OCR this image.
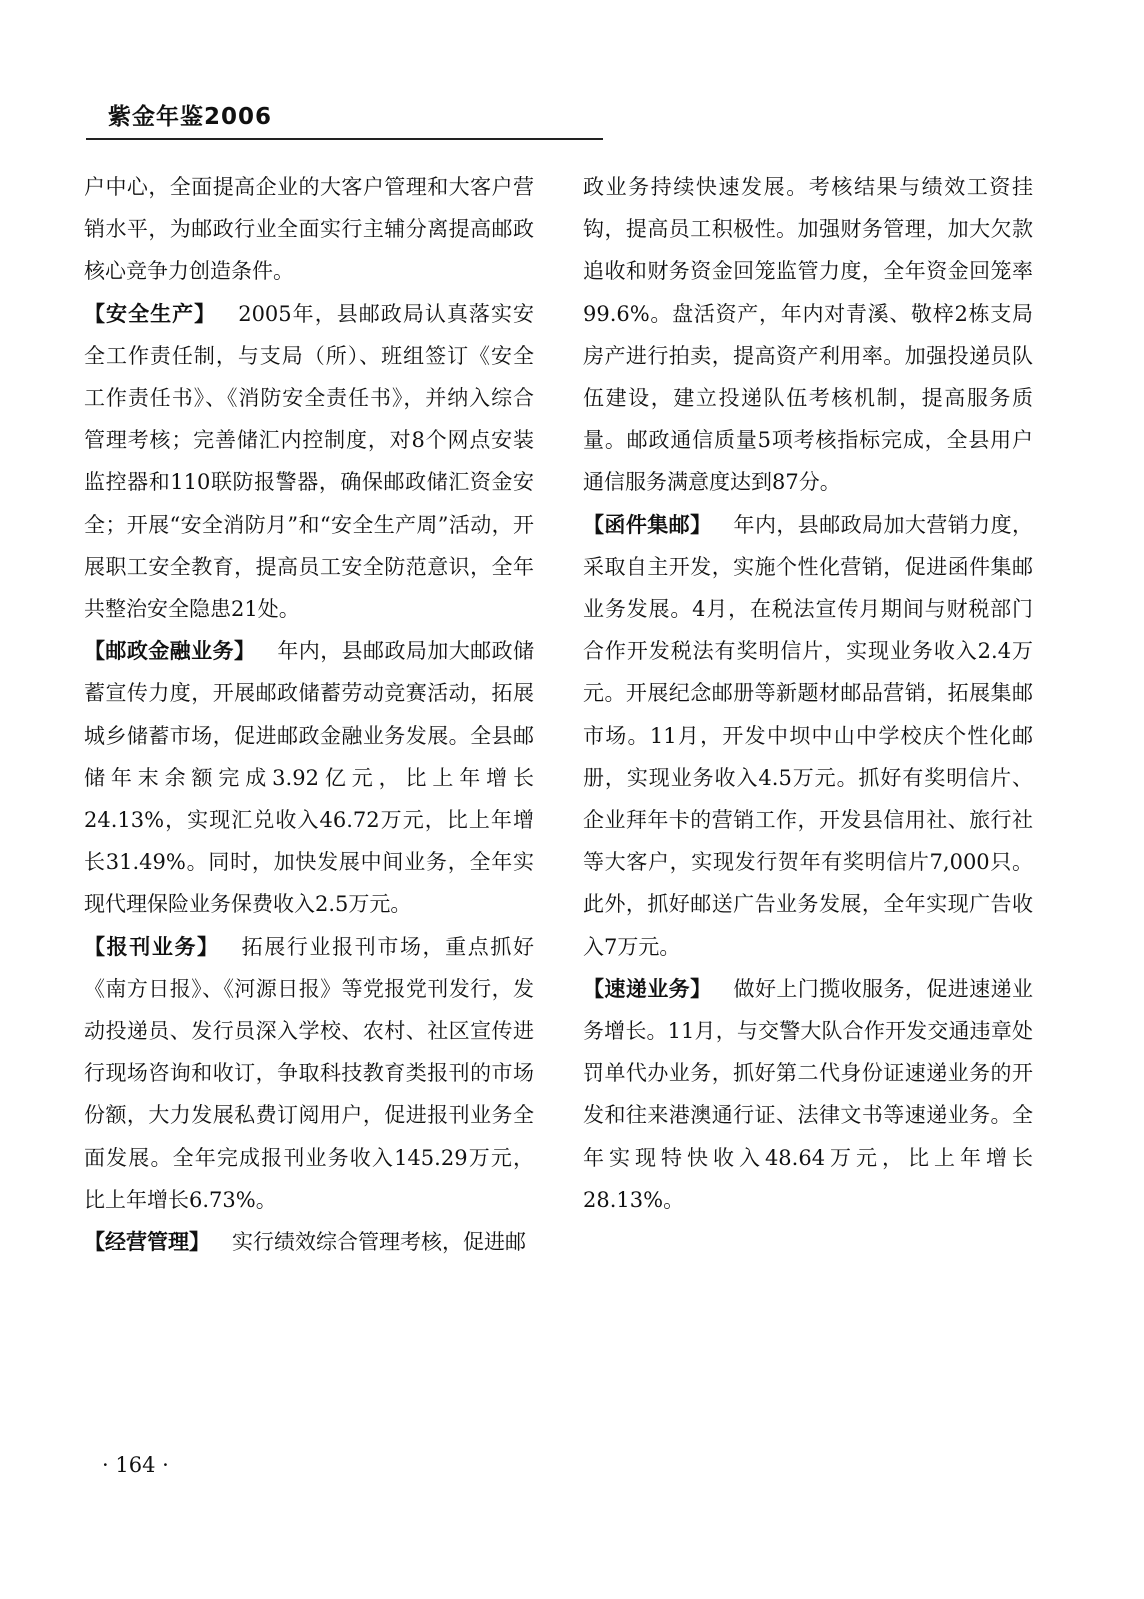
紫金年鉴2006

户中心，全面提高企业的大客户管理和大客户营销水平，为邮政行业全面实行主辅分离提高邮政核心竞争力创造条件。

【安全生产】 2005年，县邮政局认真落实安全工作责任制，与支局（所）、班组签订《安全工作责任书》、《消防安全责任书》，并纳入综合管理考核；完善储汇内控制度，对8个网点安装监控器和110联防报警器，确保邮政储汇资金安全；开展“安全消防月”和“安全生产周”活动，开展职工安全教育，提高员工安全防范意识，全年共整治安全隐患21处。

【邮政金融业务】 年内，县邮政局加大邮政储蓄宣传力度，开展邮政储蓄劳动竞赛活动，拓展城乡储蓄市场，促进邮政金融业务发展。全县邮储年末余额完成3.92亿元，比上年增长24.13%，实现汇兑收入46.72万元，比上年增长31.49%。同时，加快发展中间业务，全年实现代理保险业务保费收入2.5万元。

【报刊业务】 拓展行业报刊市场，重点抓好《南方日报》、《河源日报》等党报党刊发行，发动投递员、发行员深入学校、农村、社区宣传进行现场咨询和收订，争取科技教育类报刊的市场份额，大力发展私费订阅用户，促进报刊业务全面发展。全年完成报刊业务收入145.29万元，比上年增长6.73%。

【经营管理】 实行绩效综合管理考核，促进邮

政业务持续快速发展。考核结果与绩效工资挂钩，提高员工积极性。加强财务管理，加大欠款追收和财务资金回笼监管力度，全年资金回笼率99.6%。盘活资产，年内对青溪、敬梓2栋支局房产进行拍卖，提高资产利用率。加强投递员队伍建设，建立投递队伍考核机制，提高服务质量。邮政通信质量5项考核指标完成，全县用户通信服务满意度达到87分。

【函件集邮】 年内，县邮政局加大营销力度，采取自主开发，实施个性化营销，促进函件集邮业务发展。4月，在税法宣传月期间与财税部门合作开发税法有奖明信片，实现业务收入2.4万元。开展纪念邮册等新题材邮品营销，拓展集邮市场。11月，开发中坝中山中学校庆个性化邮册，实现业务收入4.5万元。抓好有奖明信片、企业拜年卡的营销工作，开发县信用社、旅行社等大客户，实现发行贺年有奖明信片7,000只。此外，抓好邮送广告业务发展，全年实现广告收入7万元。

【速递业务】 做好上门揽收服务，促进速递业务增长。11月，与交警大队合作开发交通违章处罚单代办业务，抓好第二代身份证速递业务的开发和往来港澳通行证、法律文书等速递业务。全年实现特快收入48.64万元，比上年增长28.13%。

· 164 ·
